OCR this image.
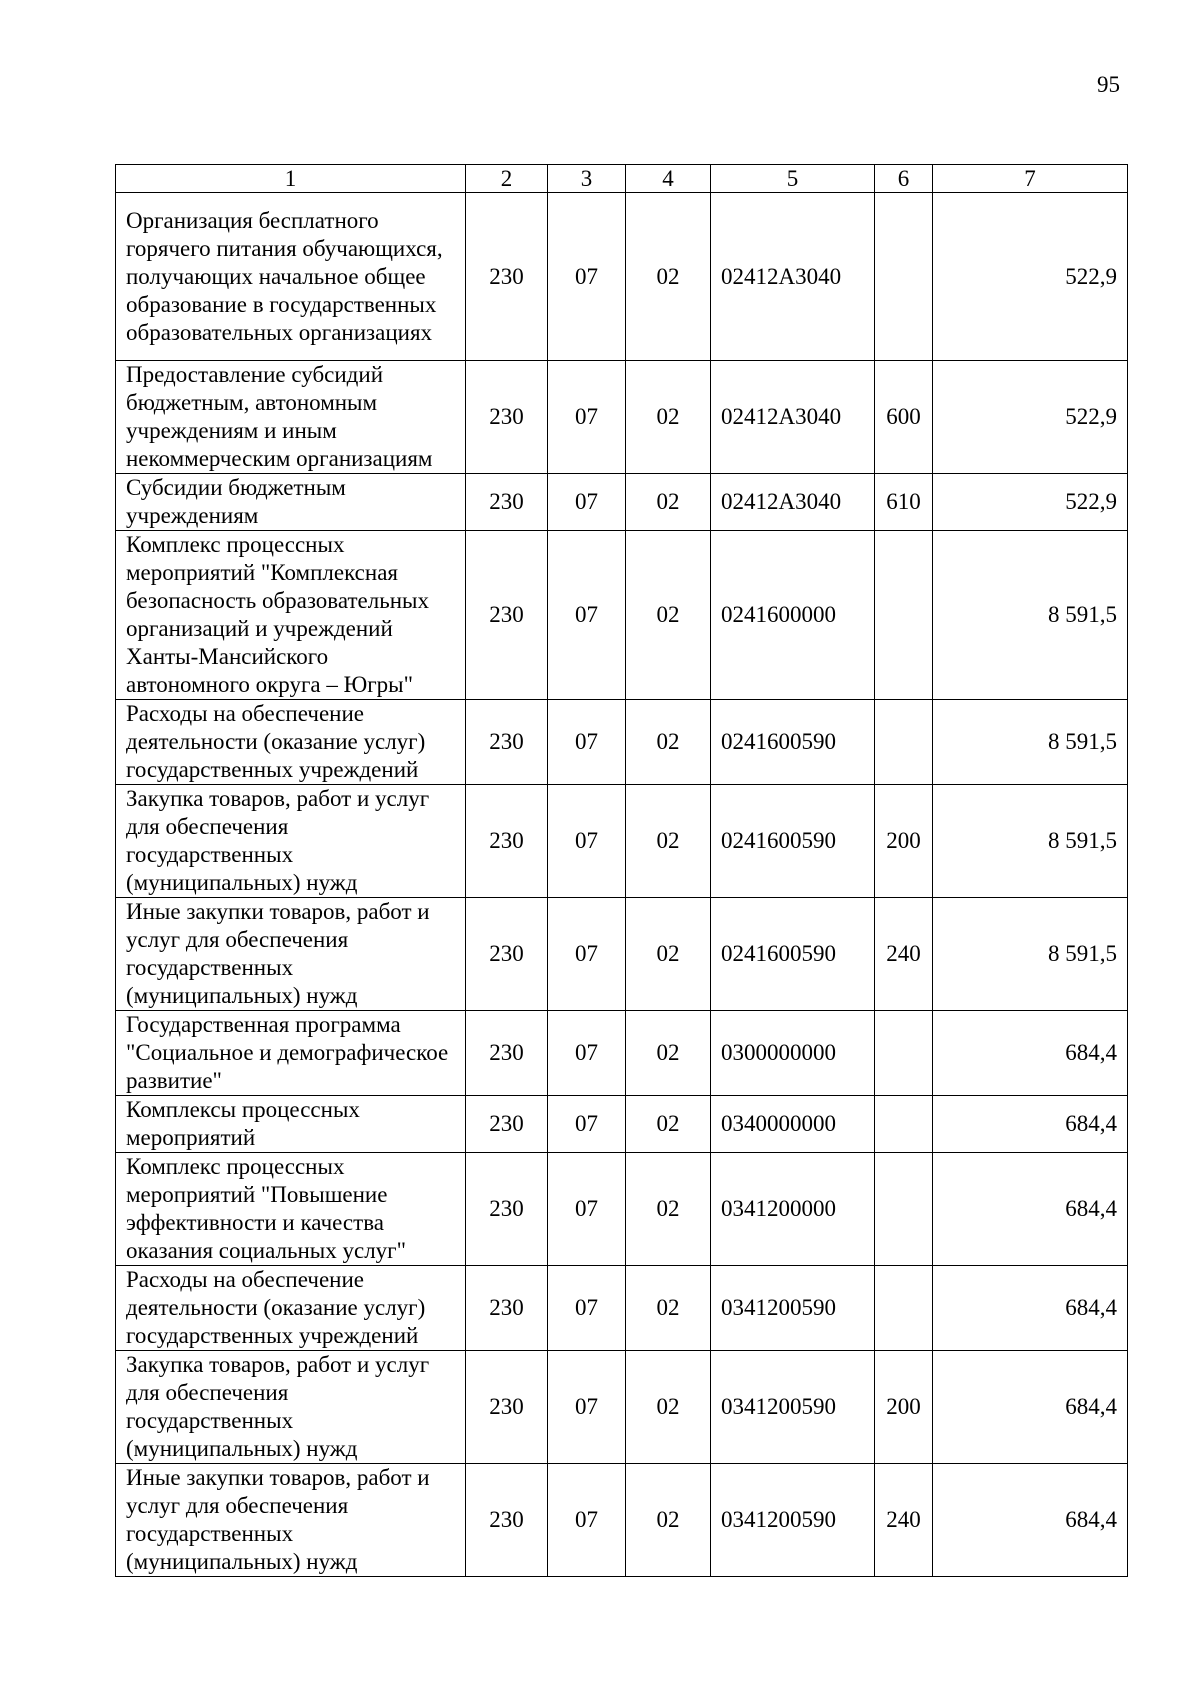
95
1	2	3	4	5	6	7
Организация бесплатного горячего питания обучающихся, получающих начальное общее образование в государственных образовательных организациях	230	07	02	02412А3040		522,9
Предоставление субсидий бюджетным, автономным учреждениям и иным некоммерческим организациям	230	07	02	02412А3040	600	522,9
Субсидии бюджетным учреждениям	230	07	02	02412А3040	610	522,9
Комплекс процессных мероприятий "Комплексная безопасность образовательных организаций и учреждений Ханты-Мансийского автономного округа – Югры"	230	07	02	0241600000		8 591,5
Расходы на обеспечение деятельности (оказание услуг) государственных учреждений	230	07	02	0241600590		8 591,5
Закупка товаров, работ и услуг для обеспечения государственных (муниципальных) нужд	230	07	02	0241600590	200	8 591,5
Иные закупки товаров, работ и услуг для обеспечения государственных (муниципальных) нужд	230	07	02	0241600590	240	8 591,5
Государственная программа "Социальное и демографическое развитие"	230	07	02	0300000000		684,4
Комплексы процессных мероприятий	230	07	02	0340000000		684,4
Комплекс процессных мероприятий "Повышение эффективности и качества оказания социальных услуг"	230	07	02	0341200000		684,4
Расходы на обеспечение деятельности (оказание услуг) государственных учреждений	230	07	02	0341200590		684,4
Закупка товаров, работ и услуг для обеспечения государственных (муниципальных) нужд	230	07	02	0341200590	200	684,4
Иные закупки товаров, работ и услуг для обеспечения государственных (муниципальных) нужд	230	07	02	0341200590	240	684,4
